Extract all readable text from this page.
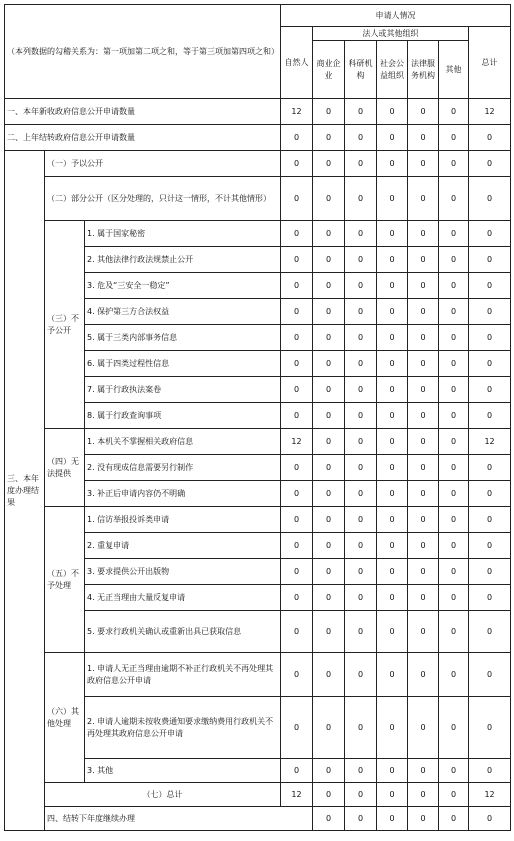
（本列数据的勾稽关系为：第一项加第二项之和，等于第三项加第四项之和）			申请人情况							
			自然人	法人或其他组织					总计	
				商业企业	科研机构	社会公益组织	法律服务机构	其他		
一、本年新收政府信息公开申请数量			12	0	0	0	0	0	12	
二、上年结转政府信息公开申请数量			0	0	0	0	0	0	0	
三、本年度办理结果	（一）予以公开		0	0	0	0	0	0	0	
	（二）部分公开（区分处理的，只计这一情形，不计其他情形）		0	0	0	0	0	0	0	
	（三）不予公开	1. 属于国家秘密	0	0	0	0	0	0	0	
		2. 其他法律行政法规禁止公开	0	0	0	0	0	0	0	
		3. 危及“三安全一稳定”	0	0	0	0	0	0	0	
		4. 保护第三方合法权益	0	0	0	0	0	0	0	
		5. 属于三类内部事务信息	0	0	0	0	0	0	0	
		6. 属于四类过程性信息	0	0	0	0	0	0	0	
		7. 属于行政执法案卷	0	0	0	0	0	0	0	
		8. 属于行政查询事项	0	0	0	0	0	0	0	
	（四）无法提供	1. 本机关不掌握相关政府信息	12	0	0	0	0	0	12	
		2. 没有现成信息需要另行制作	0	0	0	0	0	0	0	
		3. 补正后申请内容仍不明确	0	0	0	0	0	0	0	
	（五）不予处理	1. 信访举报投诉类申请	0	0	0	0	0	0	0	
		2. 重复申请	0	0	0	0	0	0	0	
		3. 要求提供公开出版物	0	0	0	0	0	0	0	
		4. 无正当理由大量反复申请	0	0	0	0	0	0	0	
		5. 要求行政机关确认或重新出具已获取信息	0	0	0	0	0	0	0	
	（六）其他处理	1. 申请人无正当理由逾期不补正行政机关不再处理其政府信息公开申请	0	0	0	0	0	0	0	
		2. 申请人逾期未按收费通知要求缴纳费用行政机关不再处理其政府信息公开申请	0	0	0	0	0	0	0	
		3. 其他	0	0	0	0	0	0	0	
	（七）总计		12	0	0	0	0	0	12	
	四、结转下年度继续办理			0	0	0	0	0	0	
